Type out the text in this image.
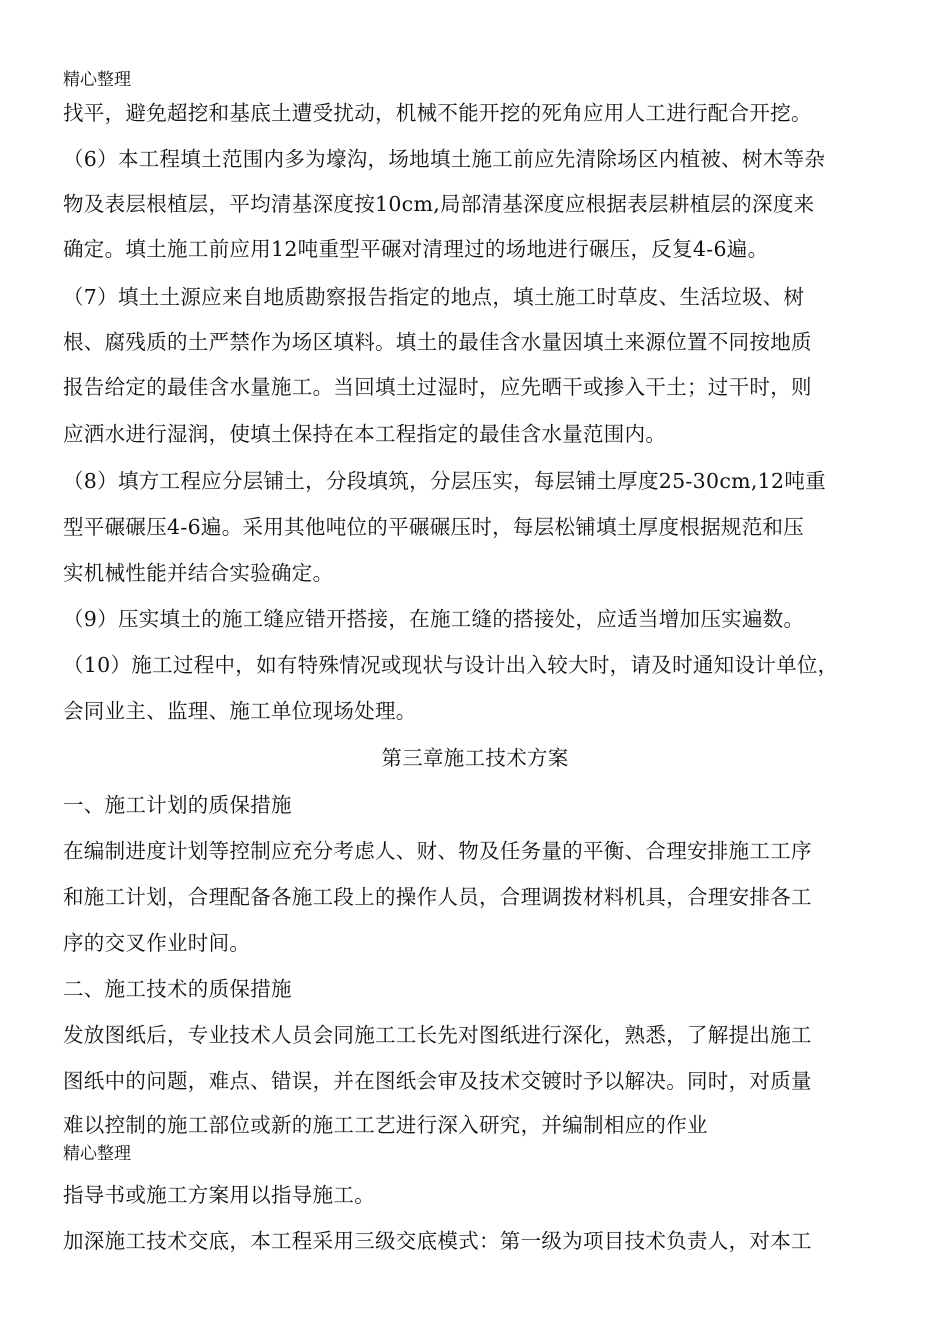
精心整理
找平，避免超挖和基底土遭受扰动，机械不能开挖的死角应用人工进行配合开挖。
（6）本工程填土范围内多为壕沟，场地填土施工前应先清除场区内植被、树木等杂
物及表层根植层，平均清基深度按10cm,局部清基深度应根据表层耕植层的深度来
确定。填土施工前应用12吨重型平碾对清理过的场地进行碾压，反复4-6遍。
（7）填土土源应来自地质勘察报告指定的地点，填土施工时草皮、生活垃圾、树
根、腐残质的土严禁作为场区填料。填土的最佳含水量因填土来源位置不同按地质
报告给定的最佳含水量施工。当回填土过湿时，应先晒干或掺入干土；过干时，则
应洒水进行湿润，使填土保持在本工程指定的最佳含水量范围内。
（8）填方工程应分层铺土，分段填筑，分层压实，每层铺土厚度25-30cm,12吨重
型平碾碾压4-6遍。采用其他吨位的平碾碾压时，每层松铺填土厚度根据规范和压
实机械性能并结合实验确定。
（9）压实填土的施工缝应错开搭接，在施工缝的搭接处，应适当增加压实遍数。
（10）施工过程中，如有特殊情况或现状与设计出入较大时，请及时通知设计单位，
会同业主、监理、施工单位现场处理。
第三章施工技术方案
一、施工计划的质保措施
在编制进度计划等控制应充分考虑人、财、物及任务量的平衡、合理安排施工工序
和施工计划，合理配备各施工段上的操作人员，合理调拨材料机具，合理安排各工
序的交叉作业时间。
二、施工技术的质保措施
发放图纸后，专业技术人员会同施工工长先对图纸进行深化，熟悉，了解提出施工
图纸中的问题，难点、错误，并在图纸会审及技术交镀时予以解决。同时，对质量
难以控制的施工部位或新的施工工艺进行深入研究，并编制相应的作业
精心整理
指导书或施工方案用以指导施工。
加深施工技术交底，本工程采用三级交底模式：第一级为项目技术负责人，对本工
